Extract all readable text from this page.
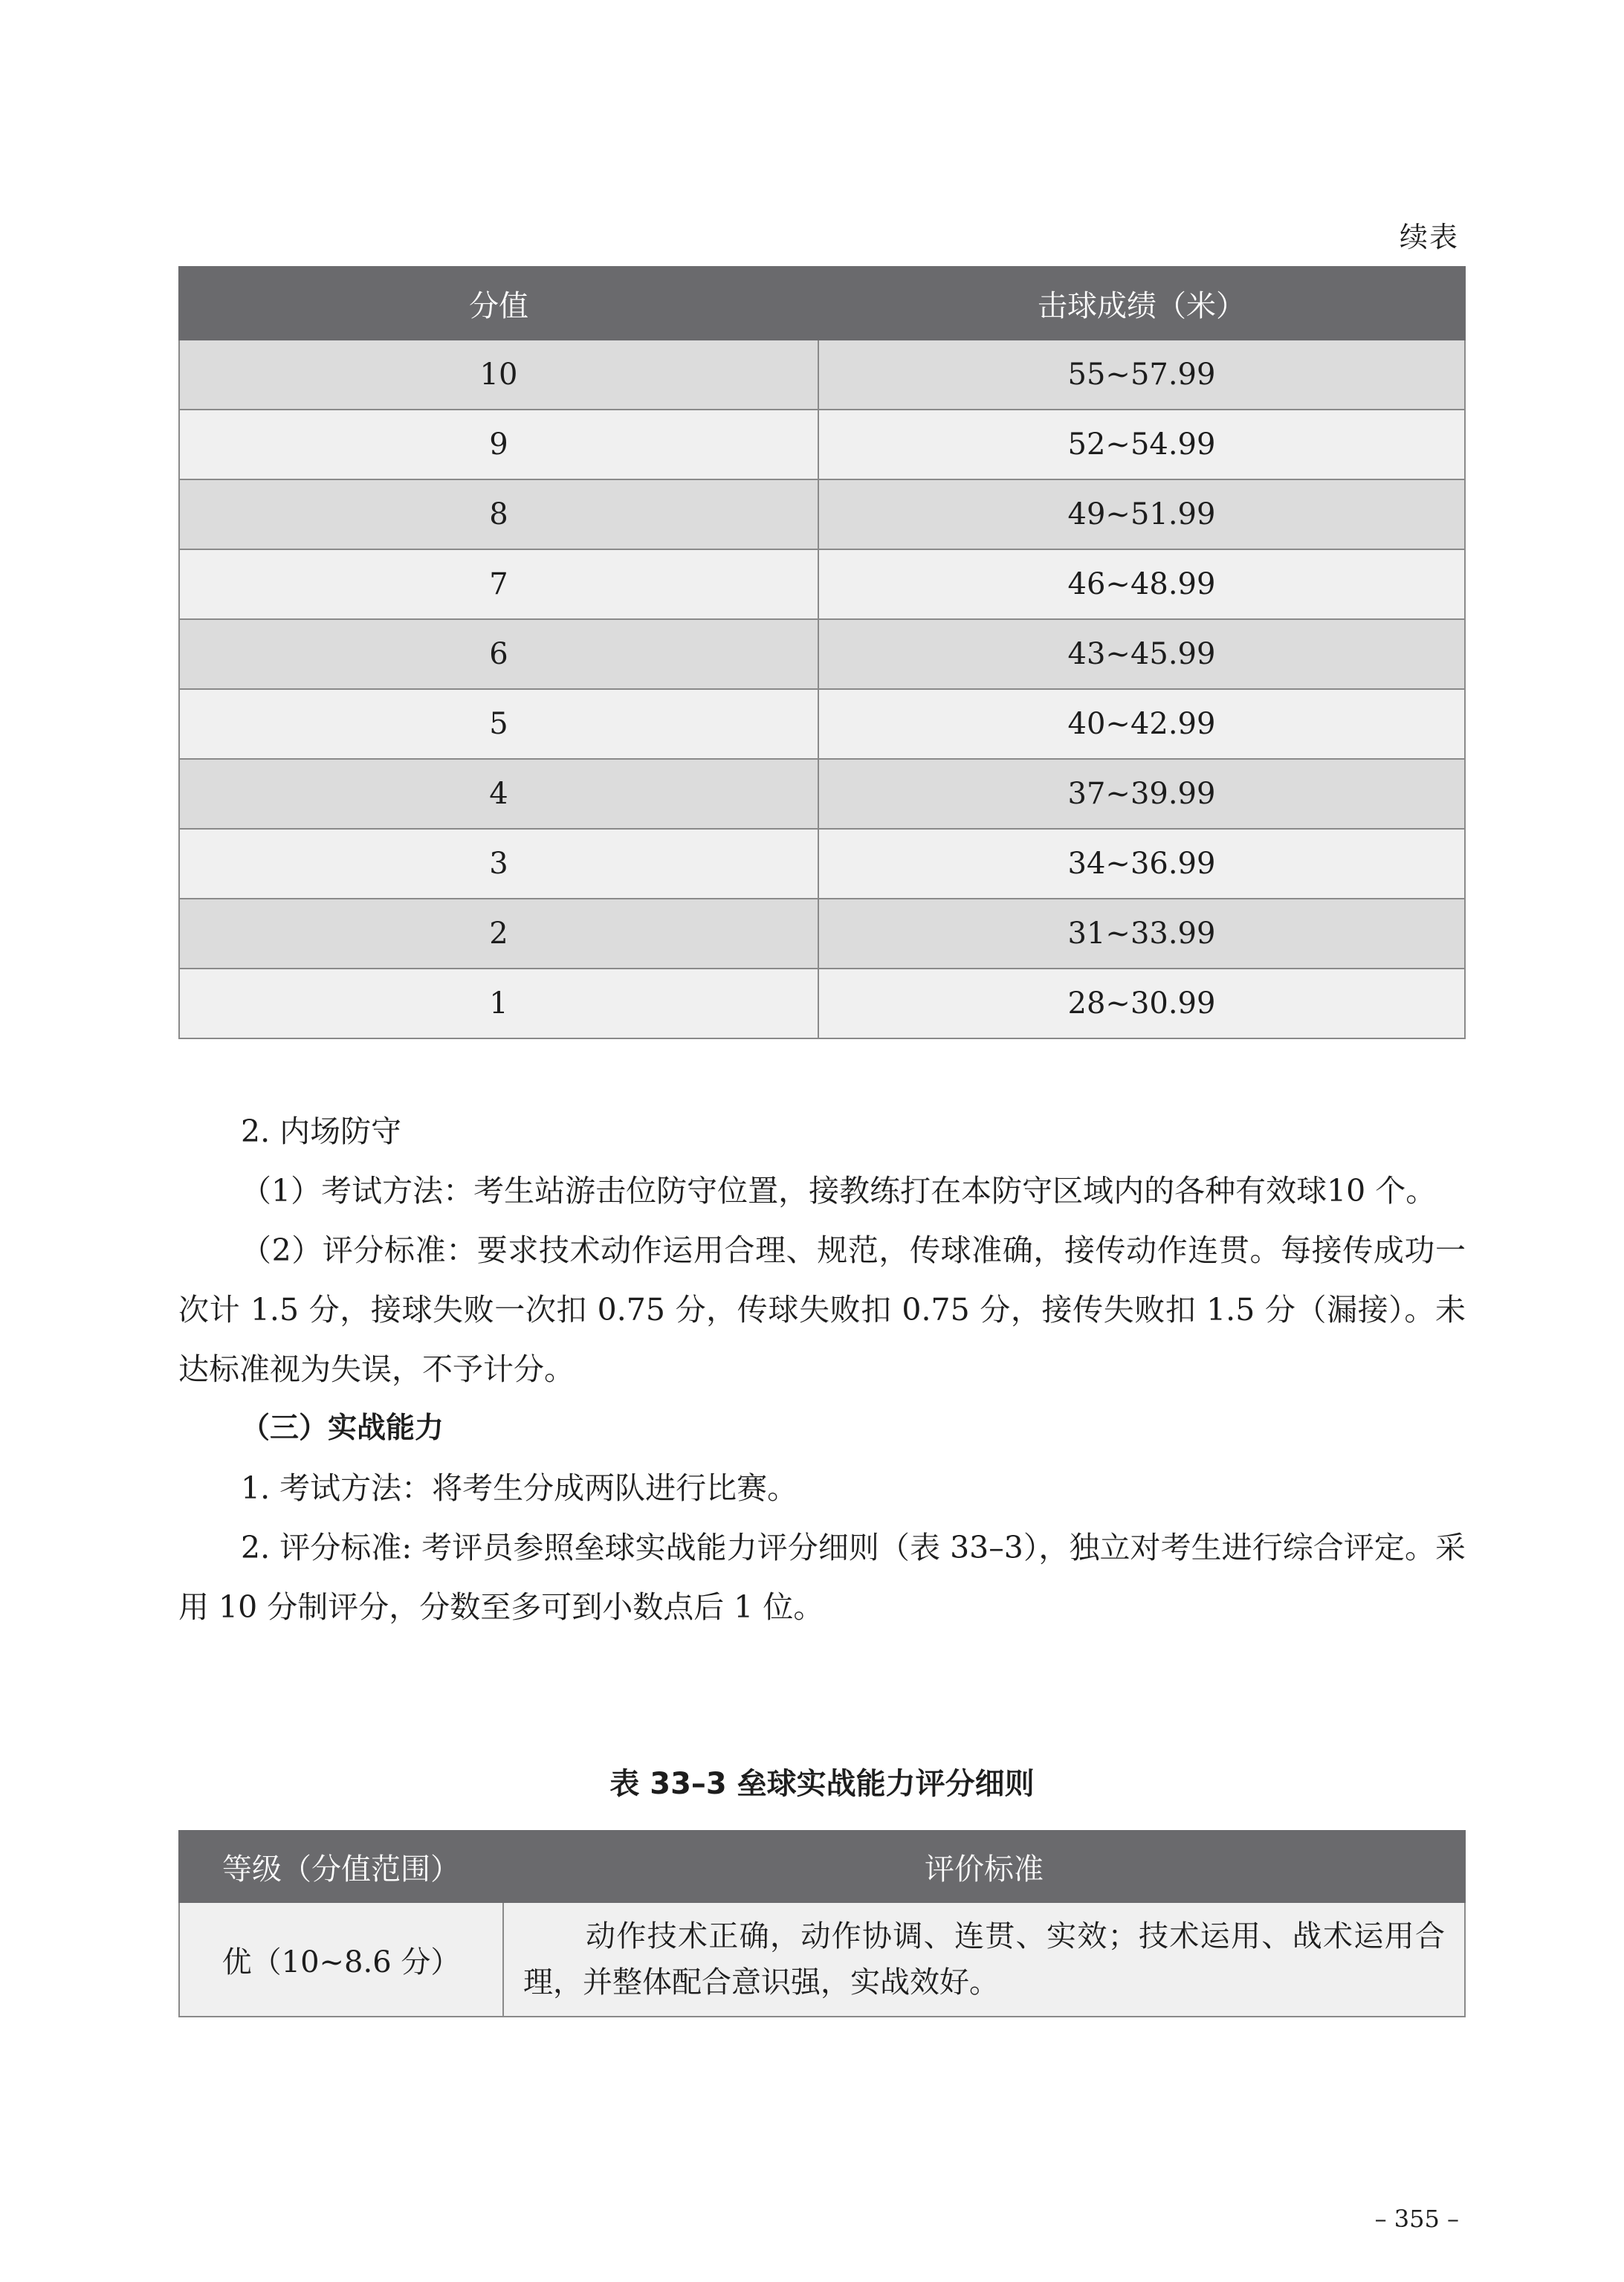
续表
分值	击球成绩（米）
10	55~57.99
9	52~54.99
8	49~51.99
7	46~48.99
6	43~45.99
5	40~42.99
4	37~39.99
3	34~36.99
2	31~33.99
1	28~30.99

2. 内场防守

（1）考试方法：考生站游击位防守位置，接教练打在本防守区域内的各种有效球10 个。

（2）评分标准：要求技术动作运用合理、规范，传球准确，接传动作连贯。每接传成功一次计 1.5 分，接球失败一次扣 0.75 分，传球失败扣 0.75 分，接传失败扣 1.5 分（漏接）。未达标准视为失误，不予计分。

（三）实战能力

1. 考试方法：将考生分成两队进行比赛。

2. 评分标准: 考评员参照垒球实战能力评分细则（表 33–3），独立对考生进行综合评定。采用 10 分制评分，分数至多可到小数点后 1 位。

表 33–3 垒球实战能力评分细则
等级（分值范围）	评价标准
优（10~8.6 分）	动作技术正确，动作协调、连贯、实效；技术运用、战术运用合理，并整体配合意识强，实战效好。
– 355 –
